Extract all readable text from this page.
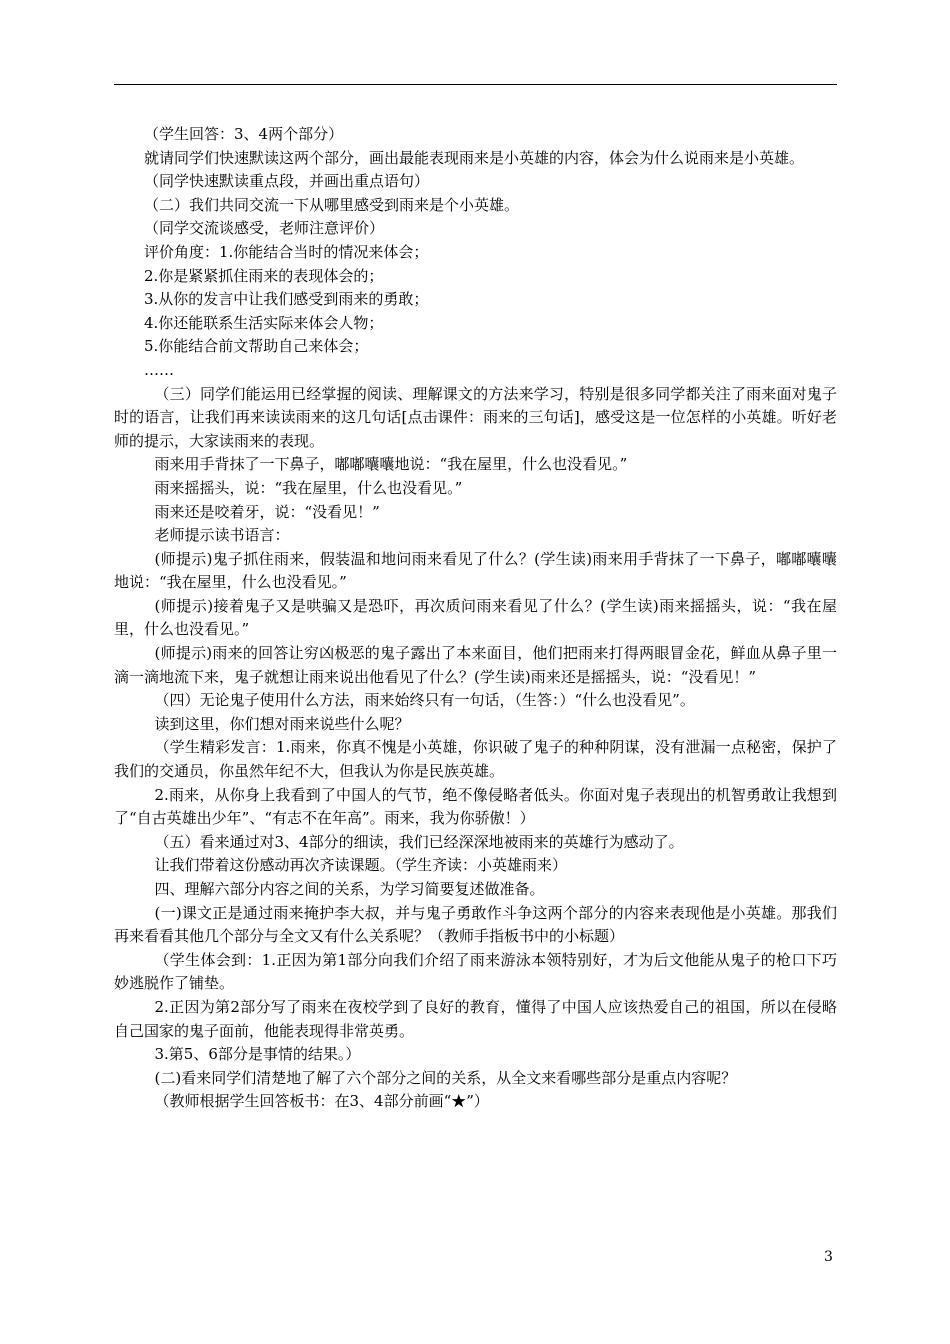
（学生回答：3、4两个部分）

就请同学们快速默读这两个部分，画出最能表现雨来是小英雄的内容，体会为什么说雨来是小英雄。

（同学快速默读重点段，并画出重点语句）

（二）我们共同交流一下从哪里感受到雨来是个小英雄。

（同学交流谈感受，老师注意评价）

评价角度：1.你能结合当时的情况来体会；

2.你是紧紧抓住雨来的表现体会的；

3.从你的发言中让我们感受到雨来的勇敢；

4.你还能联系生活实际来体会人物；

5.你能结合前文帮助自己来体会；

……

（三）同学们能运用已经掌握的阅读、理解课文的方法来学习，特别是很多同学都关注了雨来面对鬼子时的语言，让我们再来读读雨来的这几句话[点击课件：雨来的三句话]，感受这是一位怎样的小英雄。听好老师的提示，大家读雨来的表现。

雨来用手背抹了一下鼻子，嘟嘟囔囔地说：“我在屋里，什么也没看见。”

雨来摇摇头，说：“我在屋里，什么也没看见。”

雨来还是咬着牙，说：“没看见！”

老师提示读书语言：

(师提示)鬼子抓住雨来，假装温和地问雨来看见了什么？(学生读)雨来用手背抹了一下鼻子，嘟嘟囔囔地说：“我在屋里，什么也没看见。”

(师提示)接着鬼子又是哄骗又是恐吓，再次质问雨来看见了什么？(学生读)雨来摇摇头，说：“我在屋里，什么也没看见。”

(师提示)雨来的回答让穷凶极恶的鬼子露出了本来面目，他们把雨来打得两眼冒金花，鲜血从鼻子里一滴一滴地流下来，鬼子就想让雨来说出他看见了什么？(学生读)雨来还是摇摇头，说：“没看见！”

（四）无论鬼子使用什么方法，雨来始终只有一句话，（生答：）“什么也没看见”。

读到这里，你们想对雨来说些什么呢？

（学生精彩发言：1.雨来，你真不愧是小英雄，你识破了鬼子的种种阴谋，没有泄漏一点秘密，保护了我们的交通员，你虽然年纪不大，但我认为你是民族英雄。

2.雨来，从你身上我看到了中国人的气节，绝不像侵略者低头。你面对鬼子表现出的机智勇敢让我想到了“自古英雄出少年”、“有志不在年高”。雨来，我为你骄傲！）

（五）看来通过对3、4部分的细读，我们已经深深地被雨来的英雄行为感动了。

让我们带着这份感动再次齐读课题。（学生齐读：小英雄雨来）

四、理解六部分内容之间的关系，为学习简要复述做准备。

(一)课文正是通过雨来掩护李大叔，并与鬼子勇敢作斗争这两个部分的内容来表现他是小英雄。那我们再来看看其他几个部分与全文又有什么关系呢？（教师手指板书中的小标题）

（学生体会到：1.正因为第1部分向我们介绍了雨来游泳本领特别好，才为后文他能从鬼子的枪口下巧妙逃脱作了铺垫。

2.正因为第2部分写了雨来在夜校学到了良好的教育，懂得了中国人应该热爱自己的祖国，所以在侵略自己国家的鬼子面前，他能表现得非常英勇。

3.第5、6部分是事情的结果。）

(二)看来同学们清楚地了解了六个部分之间的关系，从全文来看哪些部分是重点内容呢？

（教师根据学生回答板书：在3、4部分前画“★”）

3
